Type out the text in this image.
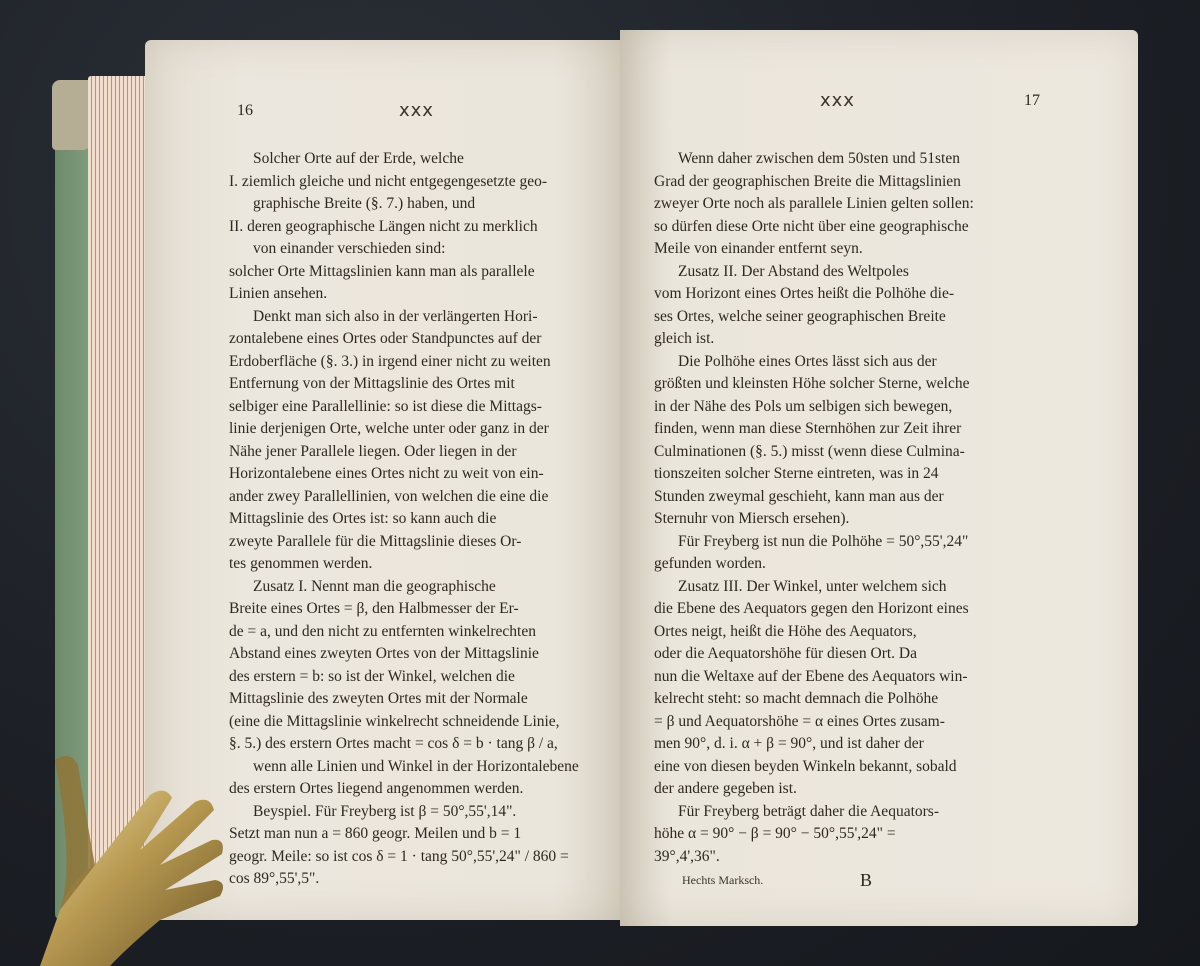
16	xxx
Solcher Orte auf der Erde, welche
I. ziemlich gleiche und nicht entgegengesetzte geo-
graphische Breite (§. 7.) haben, und
II. deren geographische Längen nicht zu merklich
von einander verschieden sind:
solcher Orte Mittagslinien kann man als parallele
Linien ansehen.
Denkt man sich also in der verlängerten Hori-
zontalebene eines Ortes oder Standpunctes auf der
Erdoberfläche (§. 3.) in irgend einer nicht zu weiten
Entfernung von der Mittagslinie des Ortes mit
selbiger eine Parallellinie: so ist diese die Mittags-
linie derjenigen Orte, welche unter oder ganz in der
Nähe jener Parallele liegen. Oder liegen in der
Horizontalebene eines Ortes nicht zu weit von ein-
ander zwey Parallellinien, von welchen die eine die
Mittagslinie des Ortes ist: so kann auch die
zweyte Parallele für die Mittagslinie dieses Or-
tes genommen werden.
Zusatz I. Nennt man die geographische
Breite eines Ortes = β, den Halbmesser der Er-
de = a, und den nicht zu entfernten winkelrechten
Abstand eines zweyten Ortes von der Mittagslinie
des erstern = b: so ist der Winkel, welchen die
Mittagslinie des zweyten Ortes mit der Normale
(eine die Mittagslinie winkelrecht schneidende Linie,
§. 5.) des erstern Ortes macht = cos δ = b · tang β / a,
wenn alle Linien und Winkel in der Horizontalebene
des erstern Ortes liegend angenommen werden.
Beyspiel. Für Freyberg ist β = 50°,55',14".
Setzt man nun a = 860 geogr. Meilen und b = 1
geogr. Meile: so ist cos δ = 1 · tang 50°,55',24" / 860 =
cos 89°,55',5".
xxx	17
Wenn daher zwischen dem 50sten und 51sten
Grad der geographischen Breite die Mittagslinien
zweyer Orte noch als parallele Linien gelten sollen:
so dürfen diese Orte nicht über eine geographische
Meile von einander entfernt seyn.
Zusatz II. Der Abstand des Weltpoles
vom Horizont eines Ortes heißt die Polhöhe die-
ses Ortes, welche seiner geographischen Breite
gleich ist.
Die Polhöhe eines Ortes lässt sich aus der
größten und kleinsten Höhe solcher Sterne, welche
in der Nähe des Pols um selbigen sich bewegen,
finden, wenn man diese Sternhöhen zur Zeit ihrer
Culminationen (§. 5.) misst (wenn diese Culmina-
tionszeiten solcher Sterne eintreten, was in 24
Stunden zweymal geschieht, kann man aus der
Sternuhr von Miersch ersehen).
Für Freyberg ist nun die Polhöhe = 50°,55',24"
gefunden worden.
Zusatz III. Der Winkel, unter welchem sich
die Ebene des Aequators gegen den Horizont eines
Ortes neigt, heißt die Höhe des Aequators,
oder die Aequatorshöhe für diesen Ort. Da
nun die Weltaxe auf der Ebene des Aequators win-
kelrecht steht: so macht demnach die Polhöhe
= β und Aequatorshöhe = α eines Ortes zusam-
men 90°, d. i. α + β = 90°, und ist daher der
eine von diesen beyden Winkeln bekannt, sobald
der andere gegeben ist.
Für Freyberg beträgt daher die Aequators-
höhe α = 90° − β = 90° − 50°,55',24" =
39°,4',36".
Hechts Marksch.	B
